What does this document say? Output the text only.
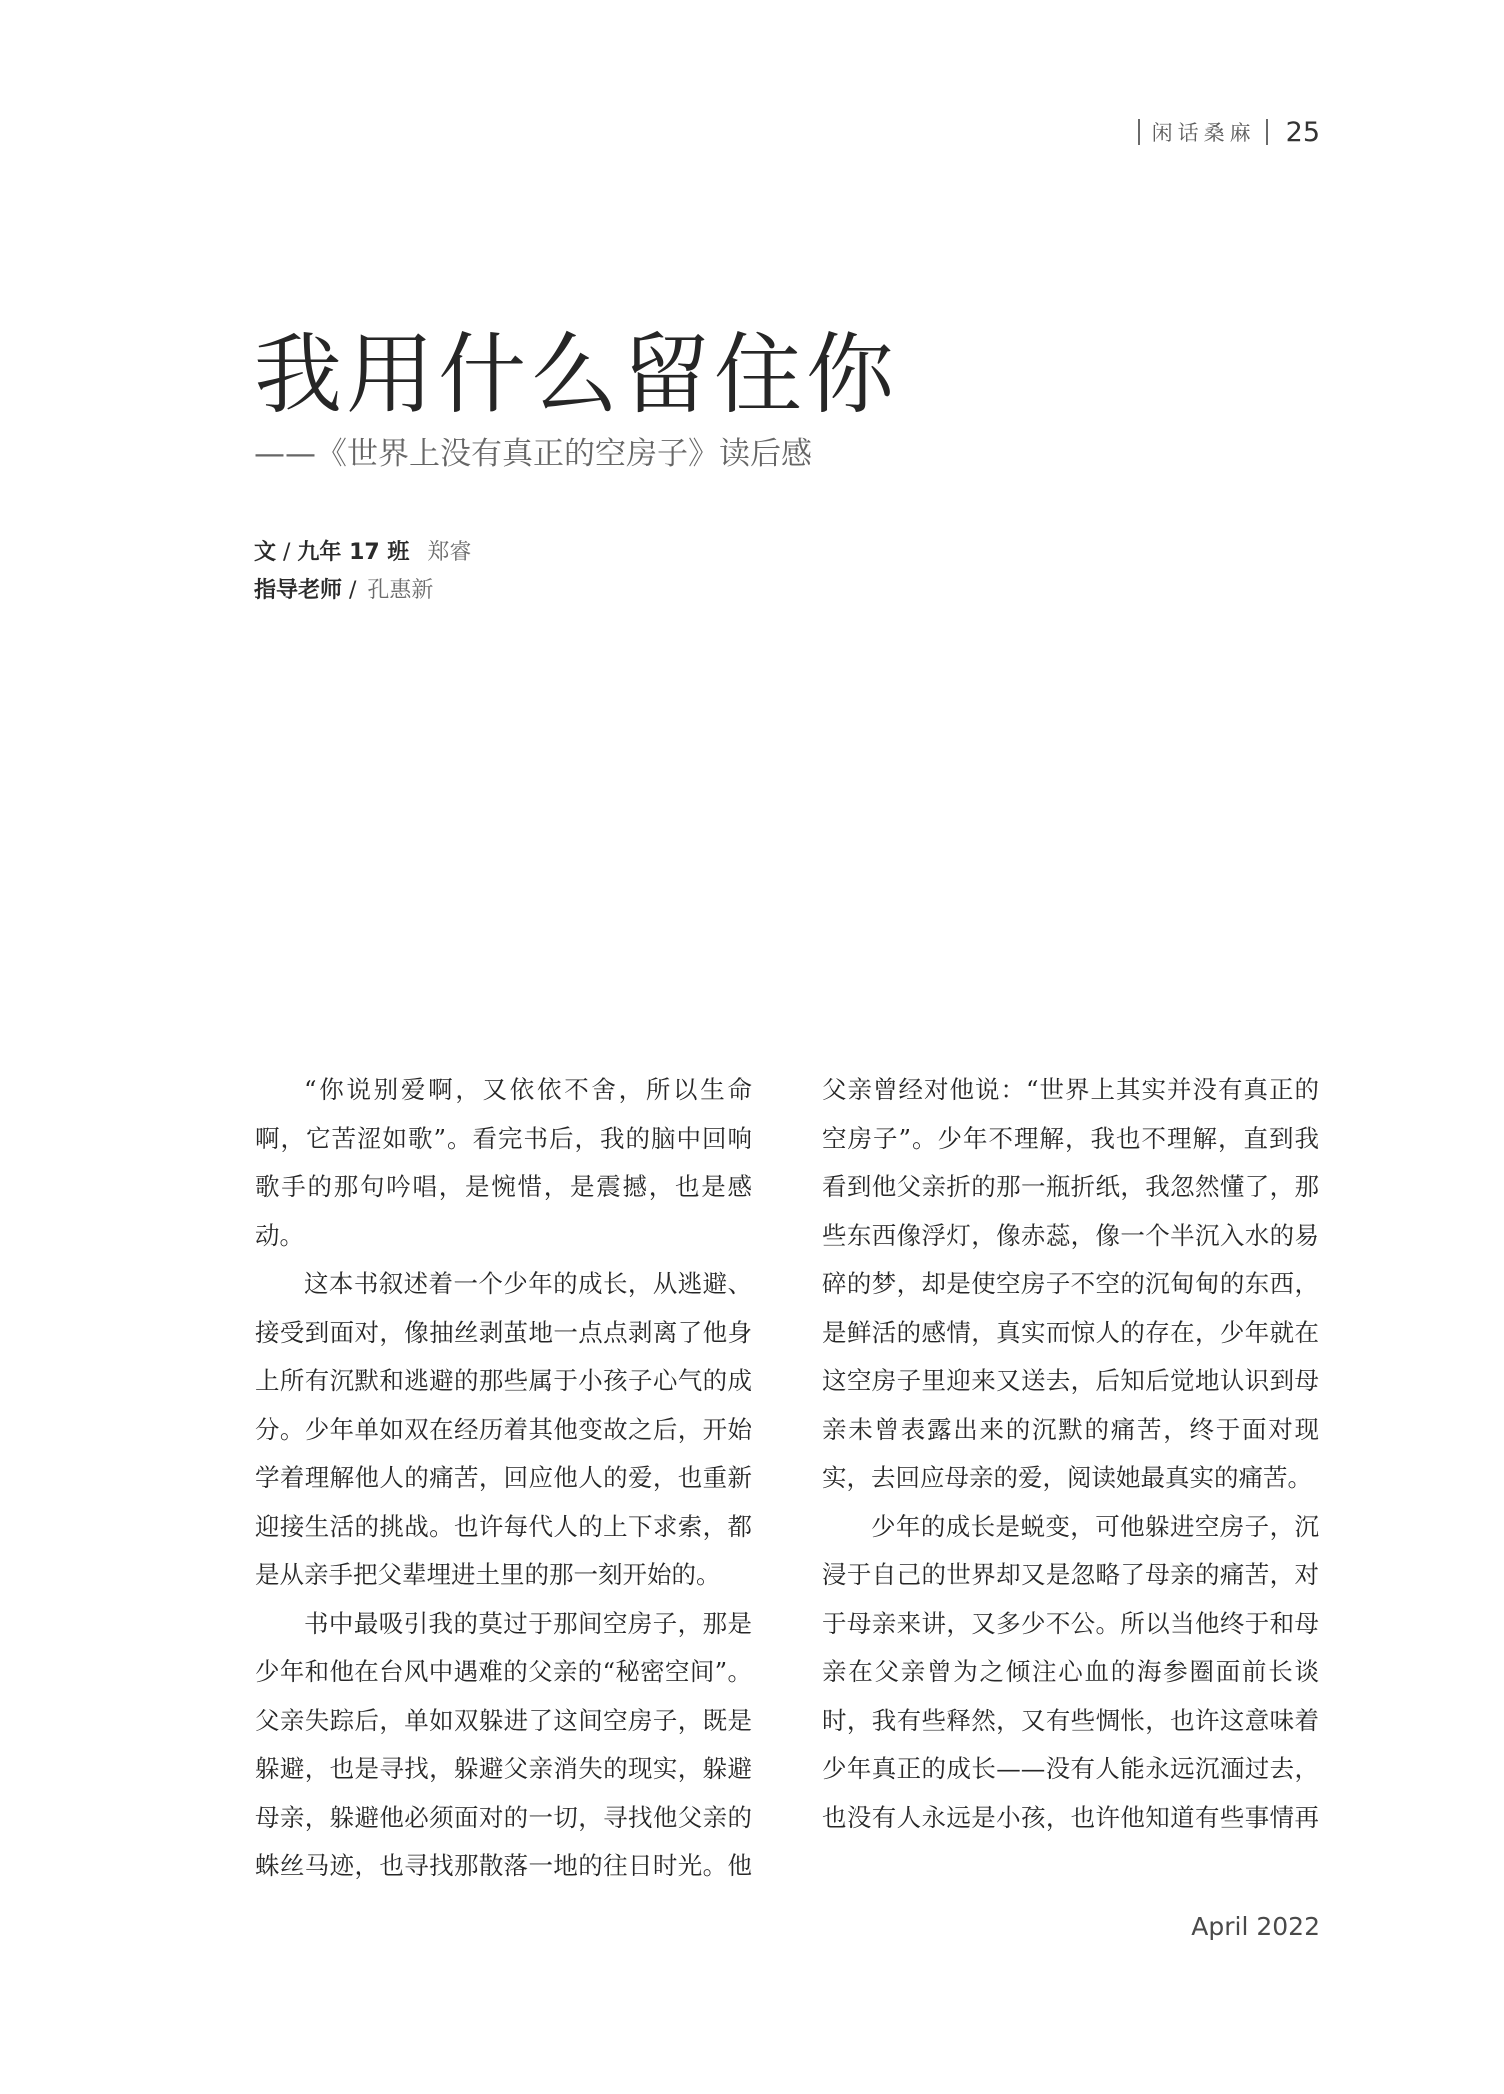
闲话桑麻 25
我用什么留住你
——《世界上没有真正的空房子》读后感
文 / 九年 17 班 郑睿
指导老师 / 孔惠新

“你说别爱啊，又依依不舍，所以生命啊，它苦涩如歌”。看完书后，我的脑中回响歌手的那句吟唱，是惋惜，是震撼，也是感动。

这本书叙述着一个少年的成长，从逃避、接受到面对，像抽丝剥茧地一点点剥离了他身上所有沉默和逃避的那些属于小孩子心气的成分。少年单如双在经历着其他变故之后，开始学着理解他人的痛苦，回应他人的爱，也重新迎接生活的挑战。也许每代人的上下求索，都是从亲手把父辈埋进土里的那一刻开始的。

书中最吸引我的莫过于那间空房子，那是少年和他在台风中遇难的父亲的“秘密空间”。父亲失踪后，单如双躲进了这间空房子，既是躲避，也是寻找，躲避父亲消失的现实，躲避母亲，躲避他必须面对的一切，寻找他父亲的蛛丝马迹，也寻找那散落一地的往日时光。他

父亲曾经对他说：“世界上其实并没有真正的空房子”。少年不理解，我也不理解，直到我看到他父亲折的那一瓶折纸，我忽然懂了，那些东西像浮灯，像赤蕊，像一个半沉入水的易碎的梦，却是使空房子不空的沉甸甸的东西，是鲜活的感情，真实而惊人的存在，少年就在这空房子里迎来又送去，后知后觉地认识到母亲未曾表露出来的沉默的痛苦，终于面对现实，去回应母亲的爱，阅读她最真实的痛苦。

少年的成长是蜕变，可他躲进空房子，沉浸于自己的世界却又是忽略了母亲的痛苦，对于母亲来讲，又多少不公。所以当他终于和母亲在父亲曾为之倾注心血的海参圈面前长谈时，我有些释然，又有些惆怅，也许这意味着少年真正的成长——没有人能永远沉湎过去，也没有人永远是小孩，也许他知道有些事情再

April 2022
